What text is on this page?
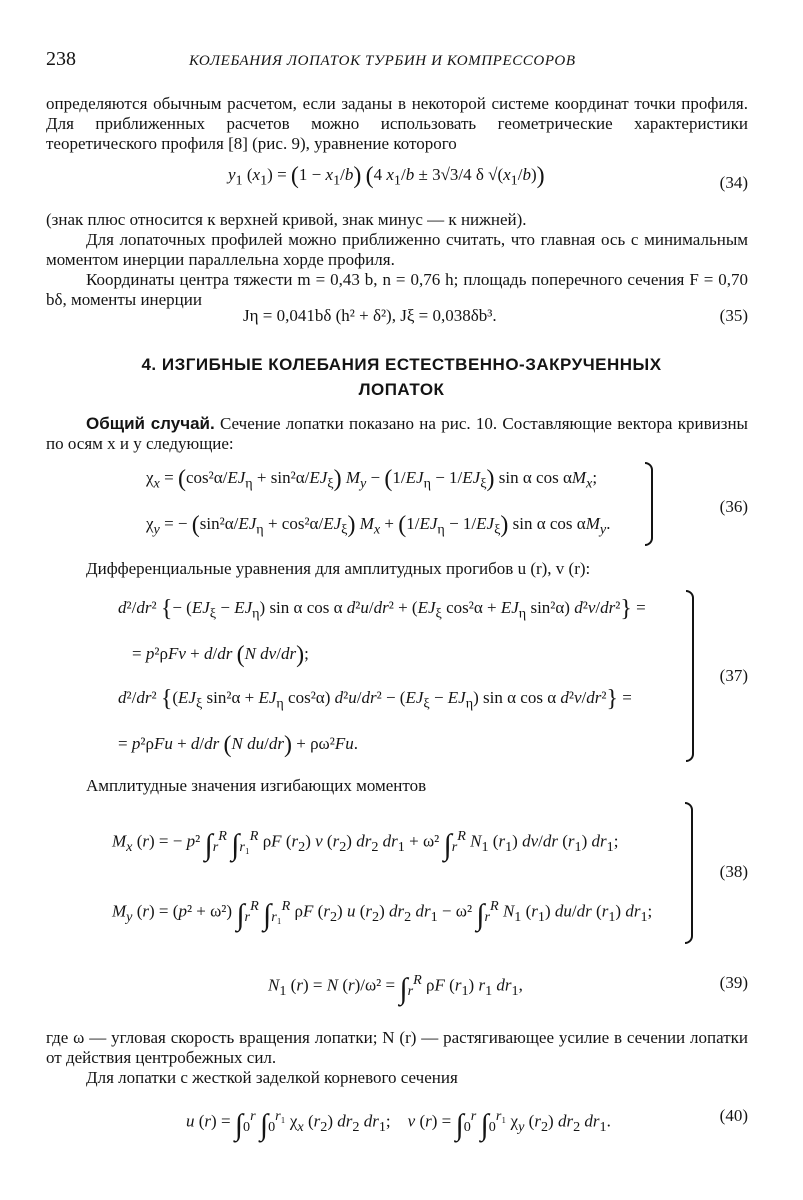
238	КОЛЕБАНИЯ ЛОПАТОК ТУРБИН И КОМПРЕССОРОВ
определяются обычным расчетом, если заданы в некоторой системе координат точки профиля. Для приближенных расчетов можно использовать геометрические характеристики теоретического профиля [8] (рис. 9), уравнение которого
$y_1$ $(x_1) = (1 - x_1/b)$ (4 $x_1/b \pm 3√3/4$ δ $√(x_1/b)$)	(34)
(знак плюс относится к верхней кривой, знак минус — к нижней).
Для лопаточных профилей можно приближенно считать, что главная ось с минимальным моментом инерции параллельна хорде профиля.
Координаты центра тяжести m = 0,43 b, n = 0,76 h; площадь поперечного сечения F = 0,70 bδ, моменты инерции
Jη = 0,041bδ (h² + δ²), Jξ = 0,038δb³.	(35)
4. ИЗГИБНЫЕ КОЛЕБАНИЯ ЕСТЕСТВЕННО-ЗАКРУЧЕННЫХ
ЛОПАТОК
Общий случай. Сечение лопатки показано на рис. 10. Составляющие вектора кривизны по осям x и y следующие:
$\chi_x = (\cos^2\alpha/EJ_\eta + \sin^2\alpha/EJ_\xi) M_y - (1/EJ_\eta - 1/EJ_\xi)$ sin α $\cos \alpha M_x$;
$\chi_y$ = − $(\sin^2\alpha/EJ_\eta + \cos^2\alpha/EJ_\xi) M_x + (1/EJ_\eta - 1/EJ_\xi)$ sin α $\cos \alpha M_y$.
(36)
Дифференциальные уравнения для амплитудных прогибов u (r), v (r):
d²/dr² {− $(EJ_\xi - EJ_\eta)$ sin α cos α $d^2u/dr^2 + (EJ_\xi$ $\cos^2\alpha + EJ_\eta$ sin²α) d²v/dr²} =
= p²ρFv + d/dr (N dv/dr);
d²/dr² {($EJ_\xi$ $\sin^2\alpha + EJ_\eta$ cos²α) $d^2u/dr^2 - (EJ_\xi - EJ_\eta)$ sin α cos α d²v/dr²} =
= p²ρFu + d/dr (N du/dr) + ρω²Fu.
(37)
Амплитудные значения изгибающих моментов
$M_x$ (r) = − p² $\int_r^R$ $\int_{r_1}^R$ ρF $(r_2)$ v $(r_2)$ $dr_2$ $dr_1 + \omega^2$ $\int_r^R$ $N_1$ $(r_1)$ dv/dr $(r_1)$ $dr_1$;
$M_y$ (r) = (p² + ω²) $\int_r^R$ $\int_{r_1}^R$ ρF $(r_2)$ u $(r_2)$ $dr_2$ $dr_1 - \omega^2$ $\int_r^R$ $N_1$ $(r_1)$ du/dr $(r_1)$ $dr_1$;
(38)
$N_1$ (r) = N $(r)/\omega^2 = \int_r^R$ ρF $(r_1)$ $r_1$ $dr_1$,	(39)
где ω — угловая скорость вращения лопатки; N (r) — растягивающее усилие в сечении лопатки от действия центробежных сил.
Для лопатки с жесткой заделкой корневого сечения
u $(r) = \int_0^r$ $\int_0^{r_1}$ $\chi_x$ $(r_2)$ $dr_2$ $dr_1$;    v $(r) = \int_0^r$ $\int_0^{r_1}$ $\chi_y$ $(r_2)$ $dr_2$ $dr_1$.	(40)
